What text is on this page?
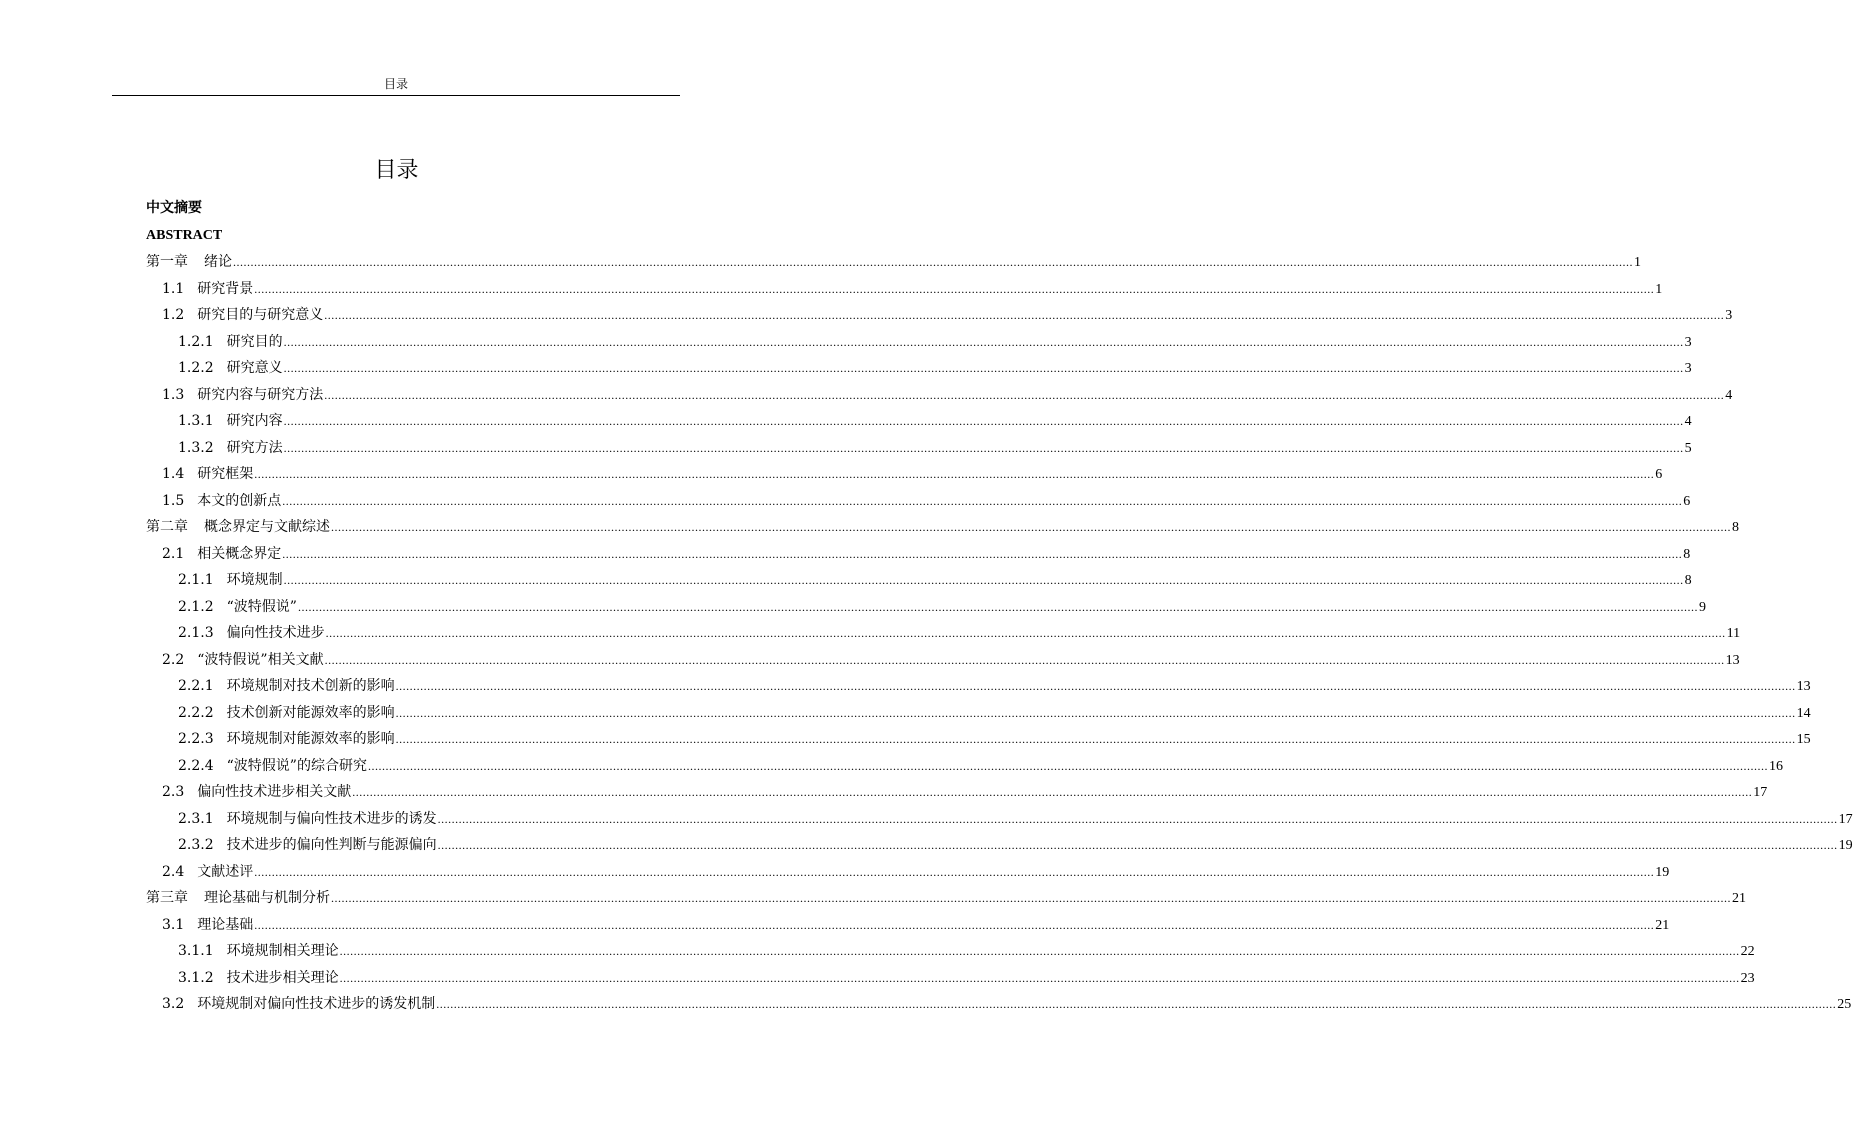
目录
目录
中文摘要
ABSTRACT
第一章 绪论 ................................................................................................................................................................................................................................................................................................................................................................................................................ 1
1.1 研究背景 ................................................................................................................................................................................................................................................................................................................................................................................................................ 1
1.2 研究目的与研究意义 ................................................................................................................................................................................................................................................................................................................................................................................................................ 3
1.2.1 研究目的 ................................................................................................................................................................................................................................................................................................................................................................................................................ 3
1.2.2 研究意义 ................................................................................................................................................................................................................................................................................................................................................................................................................ 3
1.3 研究内容与研究方法 ................................................................................................................................................................................................................................................................................................................................................................................................................ 4
1.3.1 研究内容 ................................................................................................................................................................................................................................................................................................................................................................................................................ 4
1.3.2 研究方法 ................................................................................................................................................................................................................................................................................................................................................................................................................ 5
1.4 研究框架 ................................................................................................................................................................................................................................................................................................................................................................................................................ 6
1.5 本文的创新点 ................................................................................................................................................................................................................................................................................................................................................................................................................ 6
第二章 概念界定与文献综述 ................................................................................................................................................................................................................................................................................................................................................................................................................ 8
2.1 相关概念界定 ................................................................................................................................................................................................................................................................................................................................................................................................................ 8
2.1.1 环境规制 ................................................................................................................................................................................................................................................................................................................................................................................................................ 8
2.1.2 “波特假说” ................................................................................................................................................................................................................................................................................................................................................................................................................ 9
2.1.3 偏向性技术进步 ................................................................................................................................................................................................................................................................................................................................................................................................................ 11
2.2 “波特假说”相关文献 ................................................................................................................................................................................................................................................................................................................................................................................................................ 13
2.2.1 环境规制对技术创新的影响 ................................................................................................................................................................................................................................................................................................................................................................................................................ 13
2.2.2 技术创新对能源效率的影响 ................................................................................................................................................................................................................................................................................................................................................................................................................ 14
2.2.3 环境规制对能源效率的影响 ................................................................................................................................................................................................................................................................................................................................................................................................................ 15
2.2.4 “波特假说”的综合研究 ................................................................................................................................................................................................................................................................................................................................................................................................................ 16
2.3 偏向性技术进步相关文献 ................................................................................................................................................................................................................................................................................................................................................................................................................ 17
2.3.1 环境规制与偏向性技术进步的诱发 ................................................................................................................................................................................................................................................................................................................................................................................................................ 17
2.3.2 技术进步的偏向性判断与能源偏向 ................................................................................................................................................................................................................................................................................................................................................................................................................ 19
2.4 文献述评 ................................................................................................................................................................................................................................................................................................................................................................................................................ 19
第三章 理论基础与机制分析 ................................................................................................................................................................................................................................................................................................................................................................................................................ 21
3.1 理论基础 ................................................................................................................................................................................................................................................................................................................................................................................................................ 21
3.1.1 环境规制相关理论 ................................................................................................................................................................................................................................................................................................................................................................................................................ 22
3.1.2 技术进步相关理论 ................................................................................................................................................................................................................................................................................................................................................................................................................ 23
3.2 环境规制对偏向性技术进步的诱发机制 ................................................................................................................................................................................................................................................................................................................................................................................................................ 25
